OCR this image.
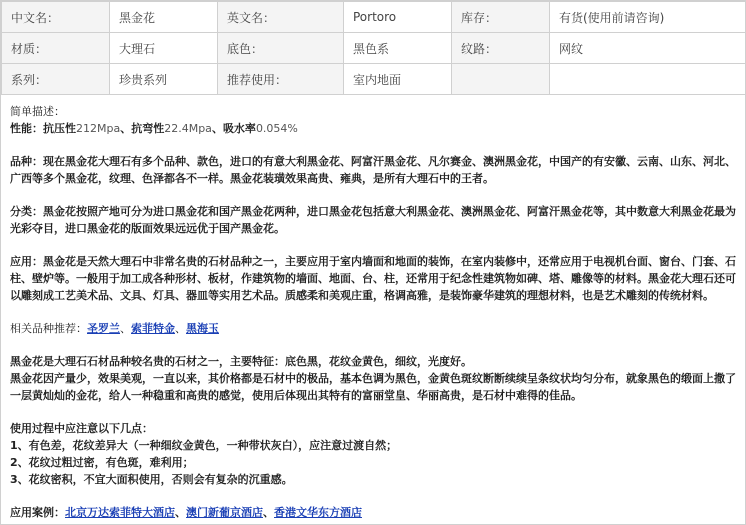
中文名：	黑金花	英文名：	Portoro	库存：	有货(使用前请咨询)
材质：	大理石	底色：	黑色系	纹路：	网纹
系列：	珍贵系列	推荐使用：	室内地面		

简单描述：

性能：抗压性212Mpa、抗弯性22.4Mpa、吸水率0.054%

品种：现在黑金花大理石有多个品种、款色，进口的有意大利黑金花、阿富汗黑金花、凡尔赛金、澳洲黑金花，中国产的有安徽、云南、山东、河北、广西等多个黑金花，纹理、色泽都各不一样。黑金花装璜效果高贵、雍典，是所有大理石中的王者。

分类：黑金花按照产地可分为进口黑金花和国产黑金花两种，进口黑金花包括意大利黑金花、澳洲黑金花、阿富汗黑金花等，其中数意大利黑金花最为光彩夺目，进口黑金花的版面效果远远优于国产黑金花。

应用：黑金花是天然大理石中非常名贵的石材品种之一，主要应用于室内墙面和地面的装饰，在室内装修中，还常应用于电视机台面、窗台、门套、石柱、壁炉等。一般用于加工成各种形材、板材，作建筑物的墙面、地面、台、柱，还常用于纪念性建筑物如碑、塔、雕像等的材料。黑金花大理石还可以雕刻成工艺美术品、文具、灯具、器皿等实用艺术品。质感柔和美观庄重，格调高雅，是装饰豪华建筑的理想材料，也是艺术雕刻的传统材料。

相关品种推荐：圣罗兰、索菲特金、黑海玉

黑金花是大理石石材品种较名贵的石材之一，主要特征：底色黑，花纹金黄色，细纹，光度好。

黑金花因产量少，效果美观，一直以来，其价格都是石材中的极品，基本色调为黑色，金黄色斑纹断断续续呈条纹状均匀分布，就象黑色的缎面上撒了一层黄灿灿的金花，给人一种稳重和高贵的感觉，使用后体现出其特有的富丽堂皇、华丽高贵，是石材中难得的佳品。

使用过程中应注意以下几点：

1、有色差，花纹差异大（一种细纹金黄色，一种带状灰白），应注意过渡自然；

2、花纹过粗过密，有色斑，难利用；

3、花纹密积，不宜大面积使用，否则会有复杂的沉重感。

应用案例：北京万达索菲特大酒店、澳门新葡京酒店、香港文华东方酒店
